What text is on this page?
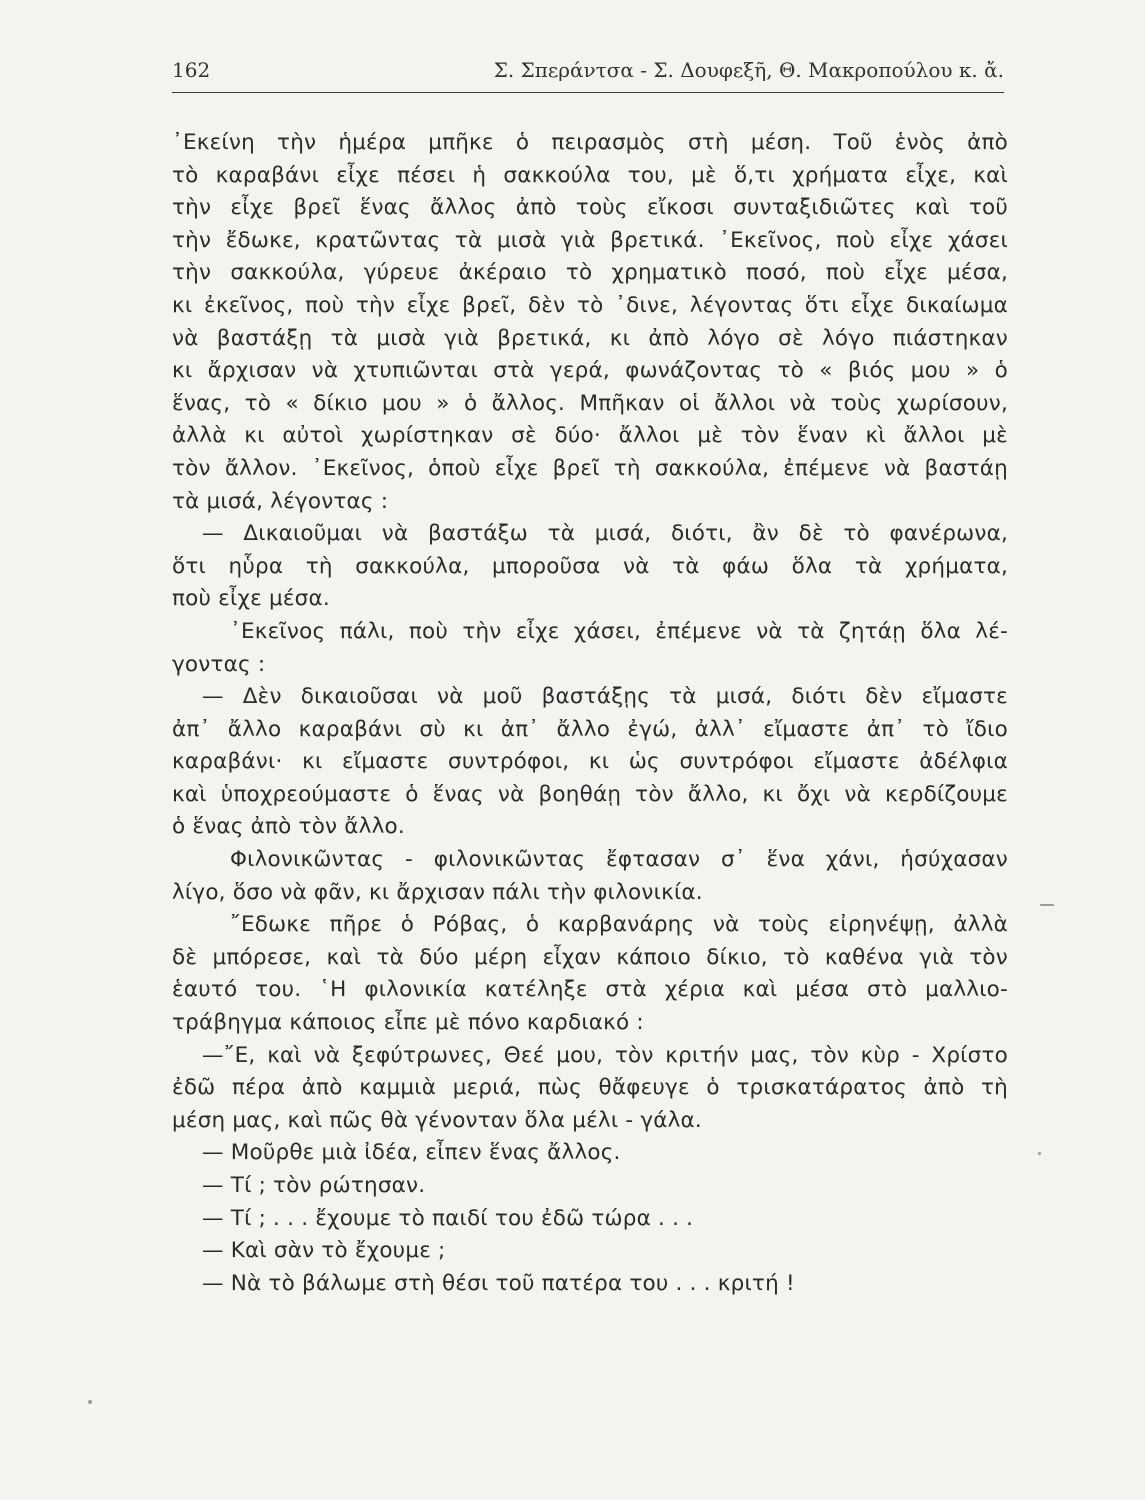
162	Σ. Σπεράντσα - Σ. Δουφεξῆ, Θ. Μακροπούλου κ. ἄ.
᾽Εκείνη τὴν ἡμέρα μπῆκε ὁ πειρασμὸς στὴ μέση. Τοῦ ἑνὸς ἀπὸ
τὸ καραβάνι εἶχε πέσει ἡ σακκούλα του, μὲ ὅ,τι χρήματα εἶχε, καὶ
τὴν εἶχε βρεῖ ἕνας ἄλλος ἀπὸ τοὺς εἴκοσι συνταξιδιῶτες καὶ τοῦ
τὴν ἔδωκε, κρατῶντας τὰ μισὰ γιὰ βρετικά. ᾽Εκεῖνος, ποὺ εἶχε χάσει
τὴν σακκούλα, γύρευε ἀκέραιο τὸ χρηματικὸ ποσό, ποὺ εἶχε μέσα,
κι ἐκεῖνος, ποὺ τὴν εἶχε βρεῖ, δὲν τὸ ᾽δινε, λέγοντας ὅτι εἶχε δικαίωμα
νὰ βαστάξῃ τὰ μισὰ γιὰ βρετικά, κι ἀπὸ λόγο σὲ λόγο πιάστηκαν
κι ἄρχισαν νὰ χτυπιῶνται στὰ γερά, φωνάζοντας τὸ « βιός μου » ὁ
ἕνας, τὸ « δίκιο μου » ὁ ἄλλος. Μπῆκαν οἱ ἄλλοι νὰ τοὺς χωρίσουν,
ἀλλὰ κι αὐτοὶ χωρίστηκαν σὲ δύο· ἄλλοι μὲ τὸν ἕναν κὶ ἄλλοι μὲ
τὸν ἄλλον. ᾽Εκεῖνος, ὁποὺ εἶχε βρεῖ τὴ σακκούλα, ἐπέμενε νὰ βαστάῃ
τὰ μισά, λέγοντας :
— Δικαιοῦμαι νὰ βαστάξω τὰ μισά, διότι, ἂν δὲ τὸ φανέρωνα,
ὅτι ηὗρα τὴ σακκούλα, μποροῦσα νὰ τὰ φάω ὅλα τὰ χρήματα,
ποὺ εἶχε μέσα.
᾽Εκεῖνος πάλι, ποὺ τὴν εἶχε χάσει, ἐπέμενε νὰ τὰ ζητάῃ ὅλα λέ-
γοντας :
— Δὲν δικαιοῦσαι νὰ μοῦ βαστάξῃς τὰ μισά, διότι δὲν εἴμαστε
ἀπ᾽ ἄλλο καραβάνι σὺ κι ἀπ᾽ ἄλλο ἐγώ, ἀλλ᾽ εἴμαστε ἀπ᾽ τὸ ἴδιο
καραβάνι· κι εἴμαστε συντρόφοι, κι ὡς συντρόφοι εἴμαστε ἀδέλφια
καὶ ὑποχρεούμαστε ὁ ἕνας νὰ βοηθάῃ τὸν ἄλλο, κι ὄχι νὰ κερδίζουμε
ὁ ἕνας ἀπὸ τὸν ἄλλο.
Φιλονικῶντας - φιλονικῶντας ἔφτασαν σ᾽ ἕνα χάνι, ἡσύχασαν
λίγο, ὅσο νὰ φᾶν, κι ἄρχισαν πάλι τὴν φιλονικία.
῎Εδωκε πῆρε ὁ Ρόβας, ὁ καρβανάρης νὰ τοὺς εἰρηνέψῃ, ἀλλὰ
δὲ μπόρεσε, καὶ τὰ δύο μέρη εἶχαν κάποιο δίκιο, τὸ καθένα γιὰ τὸν
ἑαυτό του. ῾Η φιλονικία κατέληξε στὰ χέρια καὶ μέσα στὸ μαλλιο-
τράβηγμα κάποιος εἶπε μὲ πόνο καρδιακό :
—῎Ε, καὶ νὰ ξεφύτρωνες, Θεέ μου, τὸν κριτήν μας, τὸν κὺρ - Χρίστο
ἐδῶ πέρα ἀπὸ καμμιὰ μεριά, πὼς θἄφευγε ὁ τρισκατάρατος ἀπὸ τὴ
μέση μας, καὶ πῶς θὰ γένονταν ὅλα μέλι - γάλα.
— Μοῦρθε μιὰ ἰδέα, εἶπεν ἕνας ἄλλος.
— Τί ; τὸν ρώτησαν.
— Τί ; . . . ἔχουμε τὸ παιδί του ἐδῶ τώρα . . .
— Καὶ σὰν τὸ ἔχουμε ;
— Νὰ τὸ βάλωμε στὴ θέσι τοῦ πατέρα του . . . κριτή !
